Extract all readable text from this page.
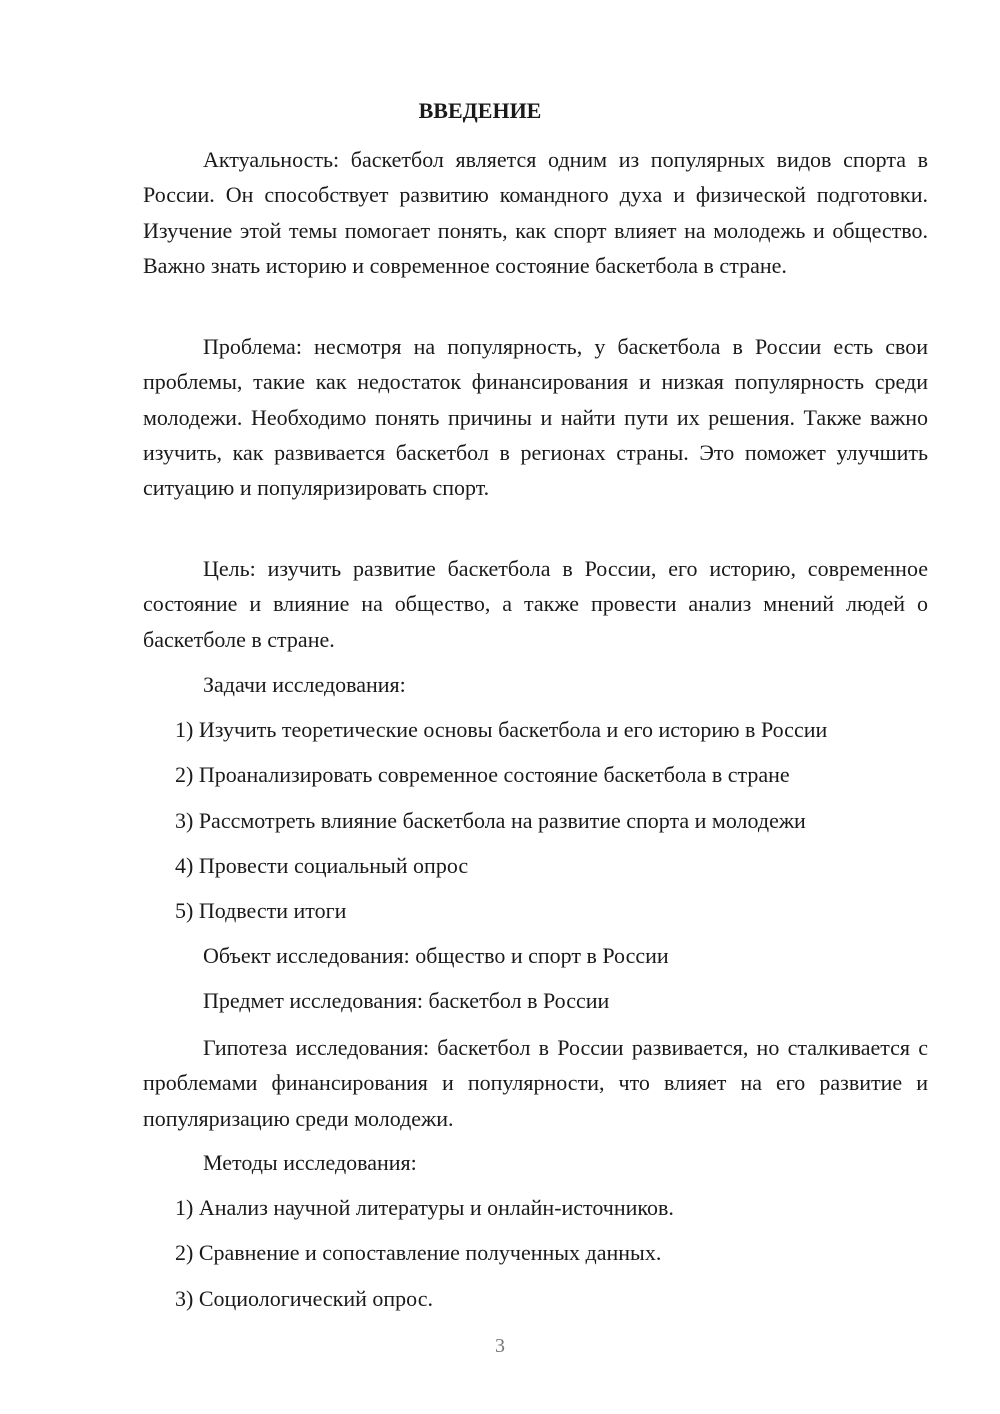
ВВЕДЕНИЕ

Актуальность: баскетбол является одним из популярных видов спорта в России. Он способствует развитию командного духа и физической подготовки. Изучение этой темы помогает понять, как спорт влияет на молодежь и общество. Важно знать историю и современное состояние баскетбола в стране.

Проблема: несмотря на популярность, у баскетбола в России есть свои проблемы, такие как недостаток финансирования и низкая популярность среди молодежи. Необходимо понять причины и найти пути их решения. Также важно изучить, как развивается баскетбол в регионах страны. Это поможет улучшить ситуацию и популяризировать спорт.

Цель: изучить развитие баскетбола в России, его историю, современное состояние и влияние на общество, а также провести анализ мнений людей о баскетболе в стране.

Задачи исследования:

1) Изучить теоретические основы баскетбола и его историю в России

2) Проанализировать современное состояние баскетбола в стране

3) Рассмотреть влияние баскетбола на развитие спорта и молодежи

4) Провести социальный опрос

5) Подвести итоги

Объект исследования: общество и спорт в России

Предмет исследования: баскетбол в России

Гипотеза исследования: баскетбол в России развивается, но сталкивается с проблемами финансирования и популярности, что влияет на его развитие и популяризацию среди молодежи.

Методы исследования:

1) Анализ научной литературы и онлайн-источников.

2) Сравнение и сопоставление полученных данных.

3) Социологический опрос.

3
